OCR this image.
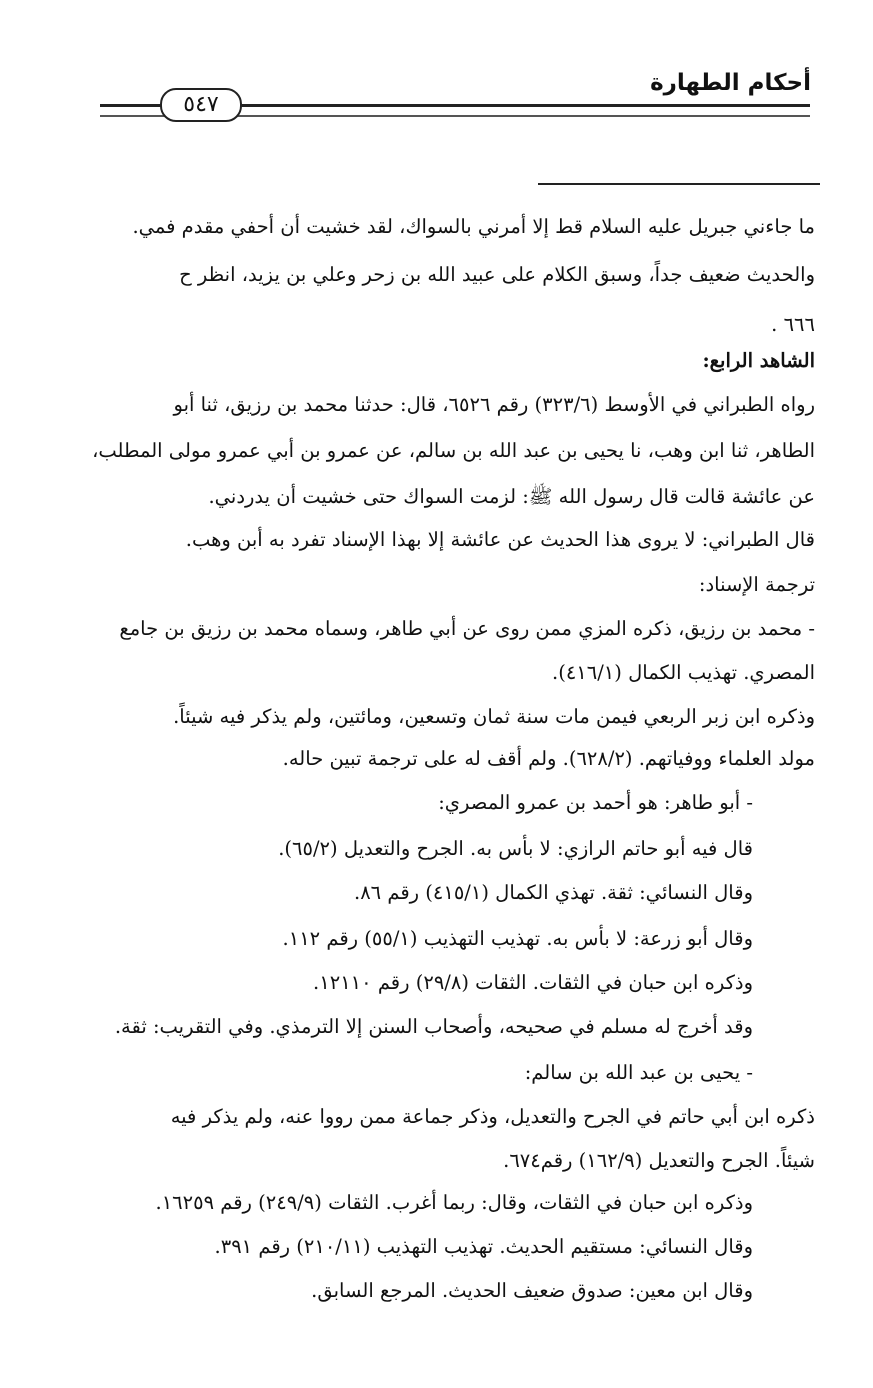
أحكام الطهارة
٥٤٧
ما جاءني جبريل عليه السلام قط إلا أمرني بالسواك، لقد خشيت أن أحفي مقدم فمي.
والحديث ضعيف جداً، وسبق الكلام على عبيد الله بن زحر وعلي بن يزيد، انظر ح
٦٦٦ .
الشاهد الرابع:
رواه الطبراني في الأوسط (٣٢٣/٦) رقم ٦٥٢٦، قال: حدثنا محمد بن رزيق، ثنا أبو
الطاهر، ثنا ابن وهب، نا يحيى بن عبد الله بن سالم، عن عمرو بن أبي عمرو مولى المطلب،
عن عائشة قالت قال رسول الله ﷺ: لزمت السواك حتى خشيت أن يدردني.
قال الطبراني: لا يروى هذا الحديث عن عائشة إلا بهذا الإسناد تفرد به أبن وهب.
ترجمة الإسناد:
- محمد بن رزيق، ذكره المزي ممن روى عن أبي طاهر، وسماه محمد بن رزيق بن جامع
المصري. تهذيب الكمال (٤١٦/١).
وذكره ابن زبر الربعي فيمن مات سنة ثمان وتسعين، ومائتين، ولم يذكر فيه شيئاً.
مولد العلماء ووفياتهم. (٦٢٨/٢). ولم أقف له على ترجمة تبين حاله.
- أبو طاهر: هو أحمد بن عمرو المصري:
قال فيه أبو حاتم الرازي: لا بأس به. الجرح والتعديل (٦٥/٢).
وقال النسائي: ثقة. تهذي الكمال (٤١٥/١) رقم ٨٦.
وقال أبو زرعة: لا بأس به. تهذيب التهذيب (٥٥/١) رقم ١١٢.
وذكره ابن حبان في الثقات. الثقات (٢٩/٨) رقم ١٢١١٠.
وقد أخرج له مسلم في صحيحه، وأصحاب السنن إلا الترمذي. وفي التقريب: ثقة.
- يحيى بن عبد الله بن سالم:
ذكره ابن أبي حاتم في الجرح والتعديل، وذكر جماعة ممن رووا عنه، ولم يذكر فيه
شيئاً. الجرح والتعديل (١٦٢/٩) رقم٦٧٤.
وذكره ابن حبان في الثقات، وقال: ربما أغرب. الثقات (٢٤٩/٩) رقم ١٦٢٥٩.
وقال النسائي: مستقيم الحديث. تهذيب التهذيب (٢١٠/١١) رقم ٣٩١.
وقال ابن معين: صدوق ضعيف الحديث. المرجع السابق.
